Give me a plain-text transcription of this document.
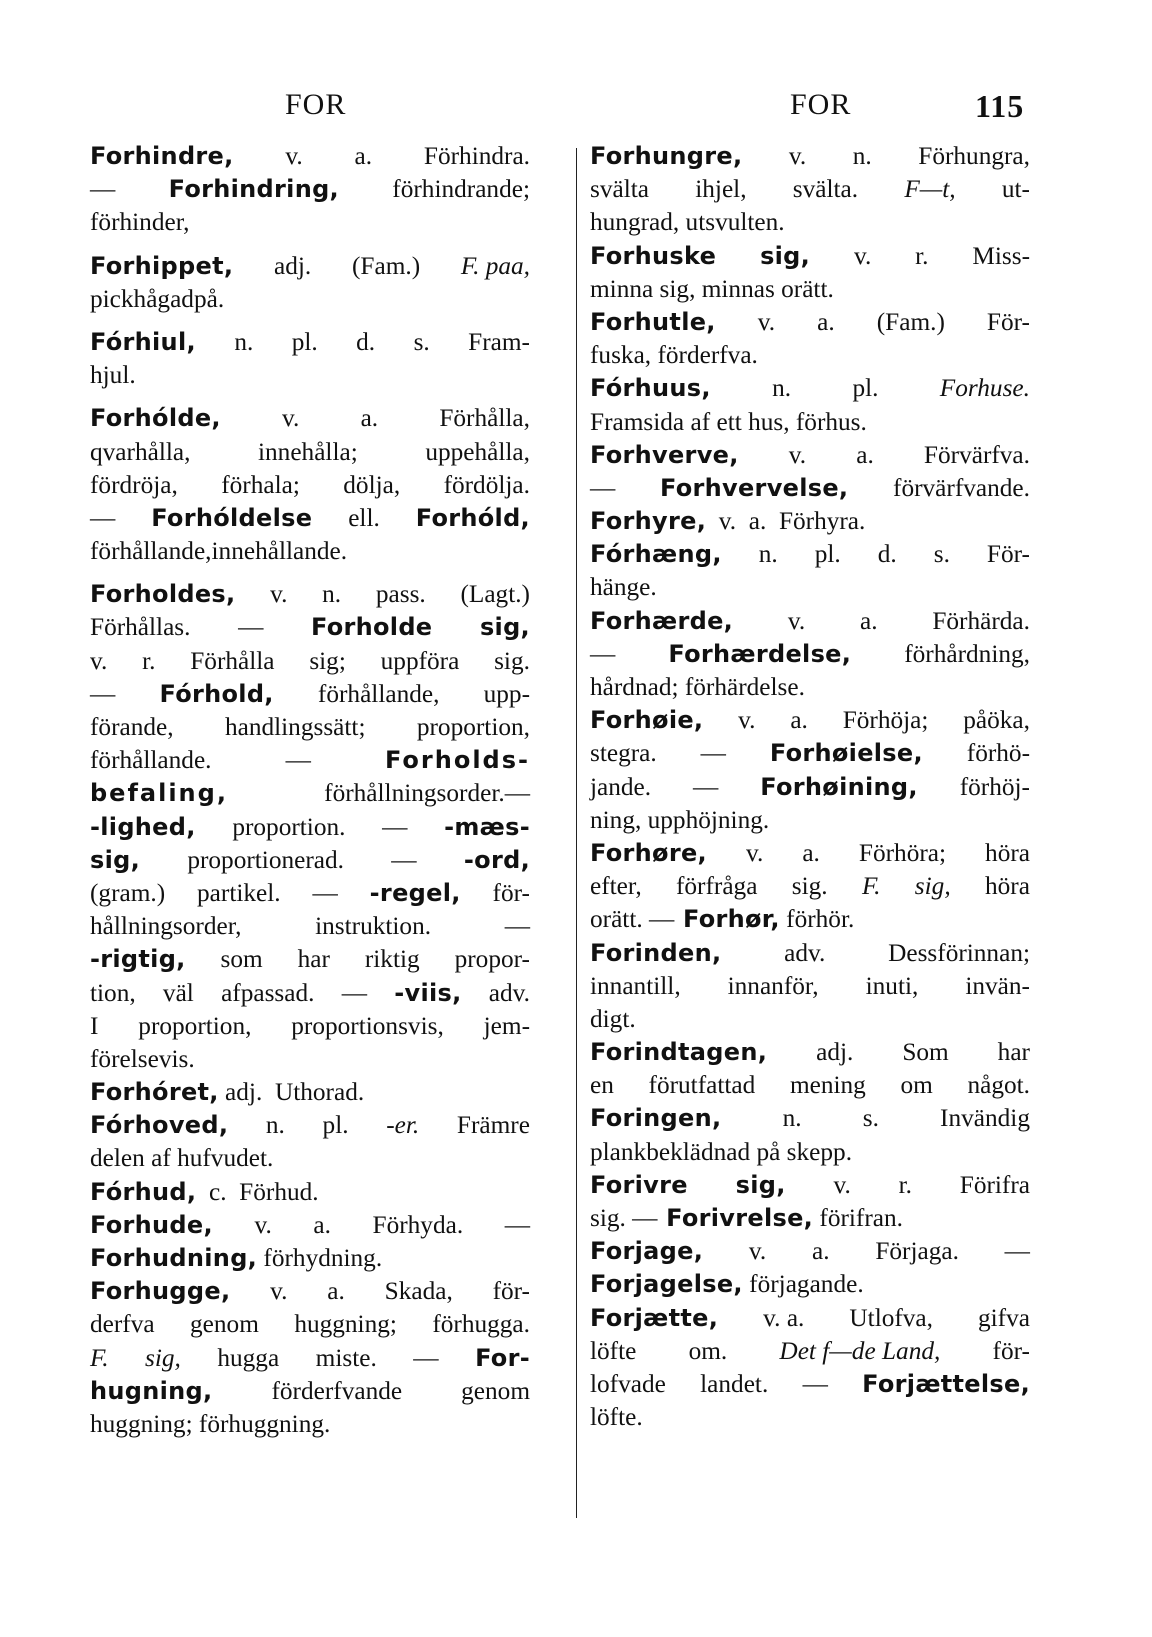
FOR	FOR	115
Forhindre, v. a. Förhindra.
— Forhindring, förhindrande;
förhinder,
Forhippet, adj. (Fam.) F. paa,
pickhågad på.
Fórhiul, n. pl. d. s. Fram-
hjul.
Forhólde, v. a. Förhålla,
qvarhålla,	innehålla;	uppehålla,
fördröja, förhala; dölja, fördölja.
— Forhóldelse ell. Forhóld,
förhållande, innehållande.
Forholdes, v. n. pass. (Lagt.)
Förhållas. — Forholde sig,
v. r. Förhålla sig; uppföra sig.
— Fórhold, förhållande, upp-
förande, handlingssätt; proportion,
förhållande.	—	Forholds-
befaling,	förhållningsorder.—
-lighed, proportion. — -mæs-
sig, proportionerad. — -ord,
(gram.) partikel. — -regel, för-
hållningsorder,	instruktion.	—
-rigtig, som har riktig propor-
tion, väl afpassad. — -viis, adv.
I proportion, proportionsvis, jem-
förelsevis.
Forhóret, adj. Uthorad.
Fórhoved, n. pl. -er. Främre
delen af hufvudet.
Fórhud, c. Förhud.
Forhude, v. a. Förhyda. —
Forhudning, förhydning.
Forhugge, v. a. Skada, för-
derfva genom huggning; förhugga.
F. sig, hugga miste. — For-
hugning, förderfvande genom
huggning; förhuggning.
Forhungre, v. n. Förhungra,
svälta ihjel, svälta. F—t, ut-
hungrad, utsvulten.
Forhuske sig, v. r. Miss-
minna sig, minnas orätt.
Forhutle, v. a. (Fam.) För-
fuska, förderfva.
Fórhuus, n. pl. Forhuse.
Framsida af ett hus, förhus.
Forhverve, v. a. Förvärfva.
— Forhvervelse, förvärfvande.
Forhyre, v. a. Förhyra.
Fórhæng, n. pl. d. s. För-
hänge.
Forhærde, v. a. Förhärda.
— Forhærdelse, förhårdning,
hårdnad; förhärdelse.
Forhøie, v. a. Förhöja; påöka,
stegra. — Forhøielse, förhö-
jande. — Forhøining, förhöj-
ning, upphöjning.
Forhøre, v. a. Förhöra; höra
efter, förfråga sig. F. sig, höra
orätt. — Forhør, förhör.
Forinden, adv. Dessförinnan;
innantill, innanför, inuti, invän-
digt.
Forindtagen, adj. Som har
en förutfattad mening om något.
Foringen, n. s. Invändig
plankbeklädnad på skepp.
Forivre sig, v. r. Förifra
sig. — Forivrelse, förifran.
Forjage, v. a. Förjaga. —
Forjagelse, förjagande.
Forjætte, v. a. Utlofva, gifva
löfte om. Det f—de Land, för-
lofvade landet. — Forjættelse,
löfte.
